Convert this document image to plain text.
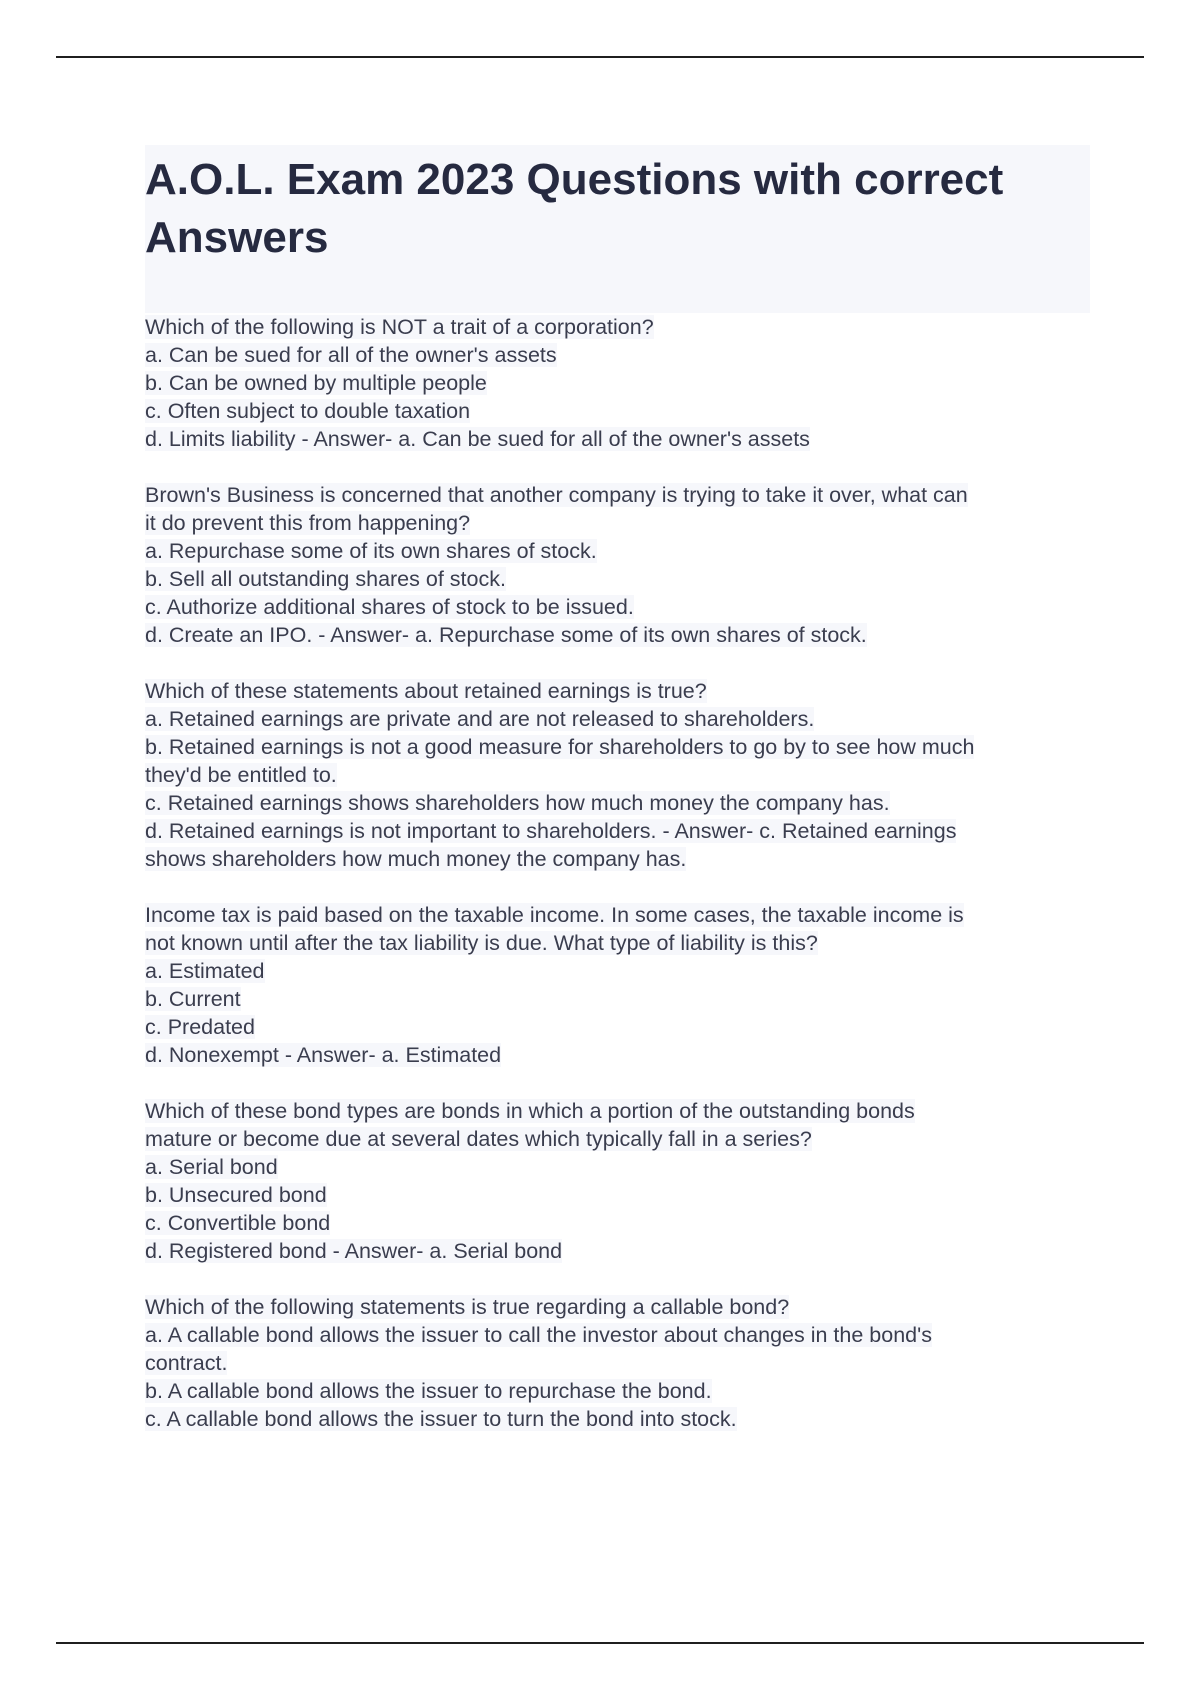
A.O.L. Exam 2023 Questions with correct Answers
Which of the following is NOT a trait of a corporation?
a. Can be sued for all of the owner's assets
b. Can be owned by multiple people
c. Often subject to double taxation
d. Limits liability - Answer- a. Can be sued for all of the owner's assets
Brown's Business is concerned that another company is trying to take it over, what can
it do prevent this from happening?
a. Repurchase some of its own shares of stock.
b. Sell all outstanding shares of stock.
c. Authorize additional shares of stock to be issued.
d. Create an IPO. - Answer- a. Repurchase some of its own shares of stock.
Which of these statements about retained earnings is true?
a. Retained earnings are private and are not released to shareholders.
b. Retained earnings is not a good measure for shareholders to go by to see how much
they'd be entitled to.
c. Retained earnings shows shareholders how much money the company has.
d. Retained earnings is not important to shareholders. - Answer- c. Retained earnings
shows shareholders how much money the company has.
Income tax is paid based on the taxable income. In some cases, the taxable income is
not known until after the tax liability is due. What type of liability is this?
a. Estimated
b. Current
c. Predated
d. Nonexempt - Answer- a. Estimated
Which of these bond types are bonds in which a portion of the outstanding bonds
mature or become due at several dates which typically fall in a series?
a. Serial bond
b. Unsecured bond
c. Convertible bond
d. Registered bond - Answer- a. Serial bond
Which of the following statements is true regarding a callable bond?
a. A callable bond allows the issuer to call the investor about changes in the bond's
contract.
b. A callable bond allows the issuer to repurchase the bond.
c. A callable bond allows the issuer to turn the bond into stock.
